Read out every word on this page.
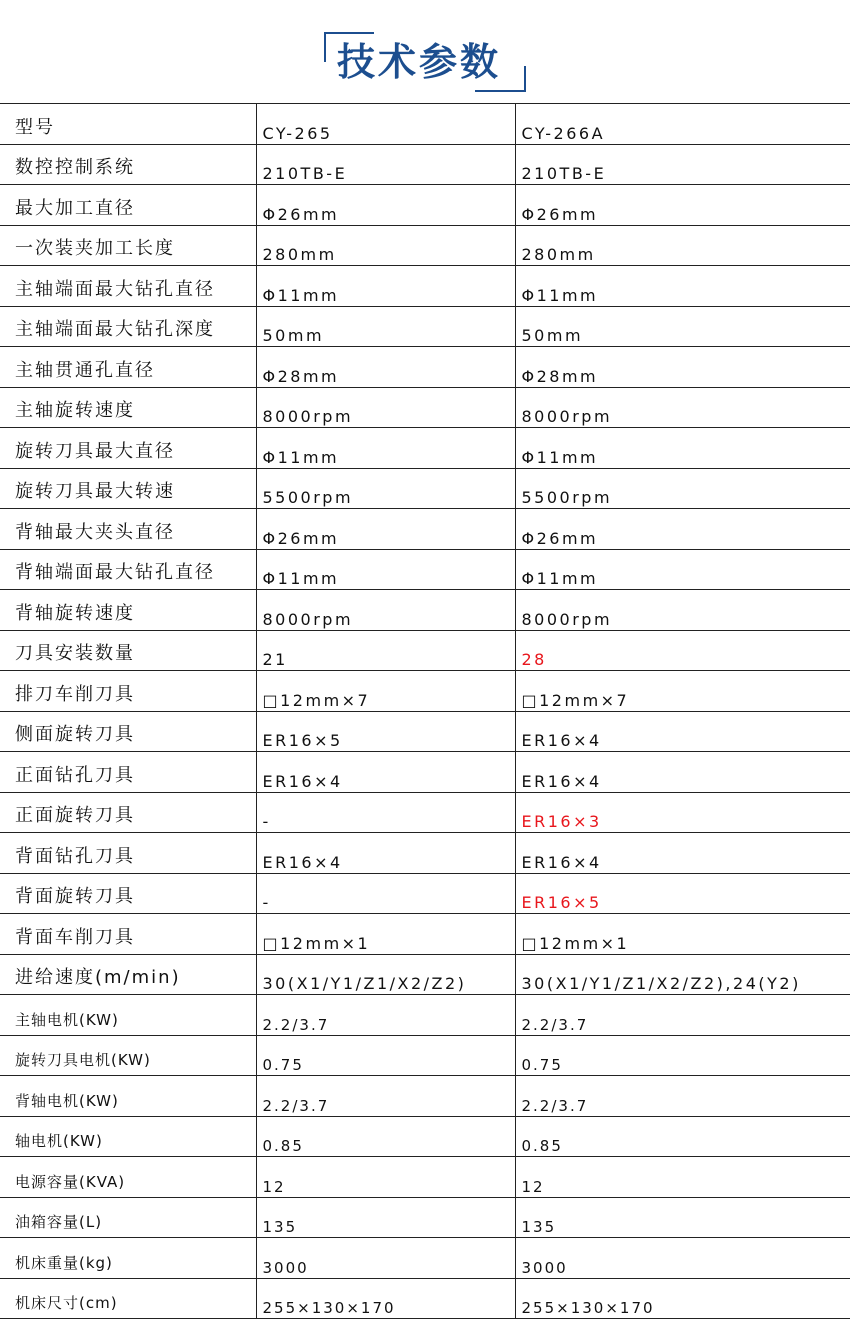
技术参数
型号	CY-265	CY-266A
数控控制系统	210TB-E	210TB-E
最大加工直径	Φ26mm	Φ26mm
一次装夹加工长度	280mm	280mm
主轴端面最大钻孔直径	Φ11mm	Φ11mm
主轴端面最大钻孔深度	50mm	50mm
主轴贯通孔直径	Φ28mm	Φ28mm
主轴旋转速度	8000rpm	8000rpm
旋转刀具最大直径	Φ11mm	Φ11mm
旋转刀具最大转速	5500rpm	5500rpm
背轴最大夹头直径	Φ26mm	Φ26mm
背轴端面最大钻孔直径	Φ11mm	Φ11mm
背轴旋转速度	8000rpm	8000rpm
刀具安装数量	21	28
排刀车削刀具	□12mm×7	□12mm×7
侧面旋转刀具	ER16×5	ER16×4
正面钻孔刀具	ER16×4	ER16×4
正面旋转刀具	-	ER16×3
背面钻孔刀具	ER16×4	ER16×4
背面旋转刀具	-	ER16×5
背面车削刀具	□12mm×1	□12mm×1
进给速度(m/min)	30(X1/Y1/Z1/X2/Z2)	30(X1/Y1/Z1/X2/Z2),24(Y2)
主轴电机(KW)	2.2/3.7	2.2/3.7
旋转刀具电机(KW)	0.75	0.75
背轴电机(KW)	2.2/3.7	2.2/3.7
轴电机(KW)	0.85	0.85
电源容量(KVA)	12	12
油箱容量(L)	135	135
机床重量(kg)	3000	3000
机床尺寸(cm)	255×130×170	255×130×170
